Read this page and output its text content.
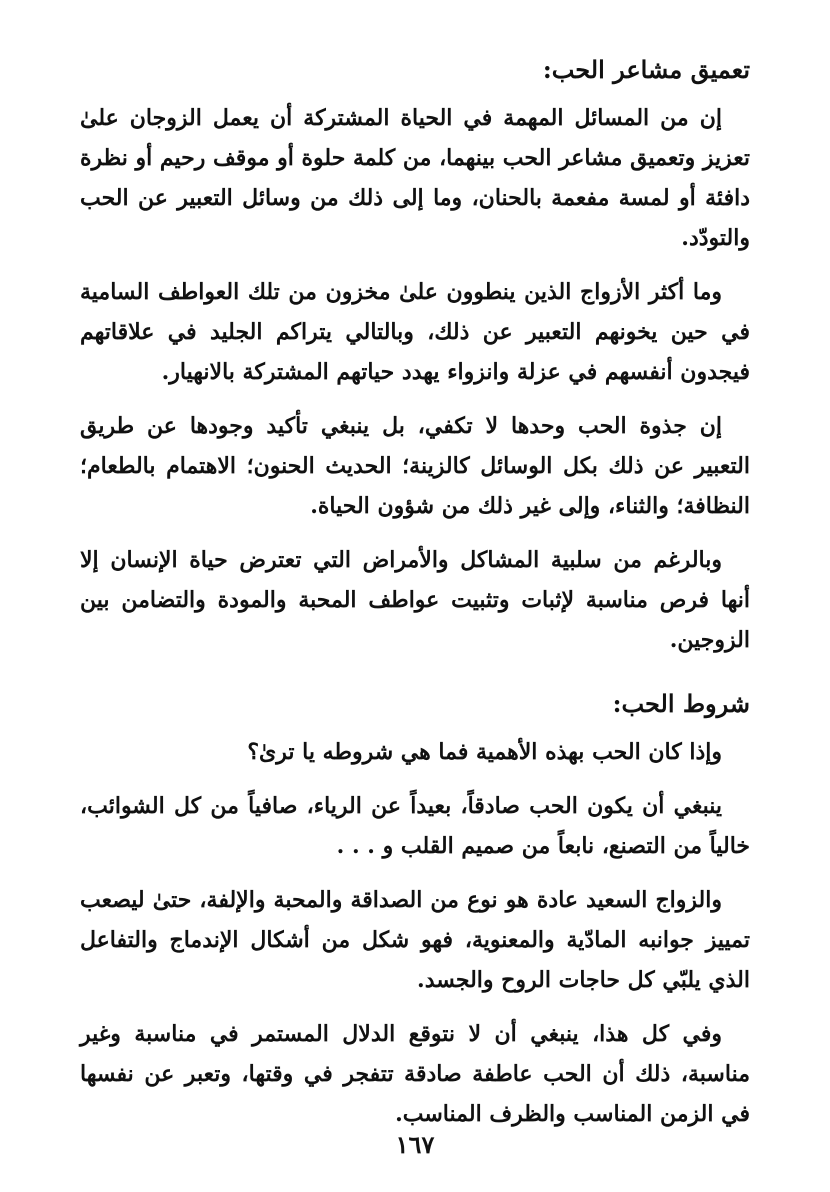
تعميق مشاعر الحب:

إن من المسائل المهمة في الحياة المشتركة أن يعمل الزوجان علىٰ تعزيز وتعميق مشاعر الحب بينهما، من كلمة حلوة أو موقف رحيم أو نظرة دافئة أو لمسة مفعمة بالحنان، وما إلى ذلك من وسائل التعبير عن الحب والتودّد.

وما أكثر الأزواج الذين ينطوون علىٰ مخزون من تلك العواطف السامية في حين يخونهم التعبير عن ذلك، وبالتالي يتراكم الجليد في علاقاتهم فيجدون أنفسهم في عزلة وانزواء يهدد حياتهم المشتركة بالانهيار.

إن جذوة الحب وحدها لا تكفي، بل ينبغي تأكيد وجودها عن طريق التعبير عن ذلك بكل الوسائل كالزينة؛ الحديث الحنون؛ الاهتمام بالطعام؛ النظافة؛ والثناء، وإلى غير ذلك من شؤون الحياة.

وبالرغم من سلبية المشاكل والأمراض التي تعترض حياة الإنسان إلا أنها فرص مناسبة لإثبات وتثبيت عواطف المحبة والمودة والتضامن بين الزوجين.

شروط الحب:

وإذا كان الحب بهذه الأهمية فما هي شروطه يا ترىٰ؟

ينبغي أن يكون الحب صادقاً، بعيداً عن الرياء، صافياً من كل الشوائب، خالياً من التصنع، نابعاً من صميم القلب و . . .

والزواج السعيد عادة هو نوع من الصداقة والمحبة والإلفة، حتىٰ ليصعب تمييز جوانبه المادّية والمعنوية، فهو شكل من أشكال الإندماج والتفاعل الذي يلبّي كل حاجات الروح والجسد.

وفي كل هذا، ينبغي أن لا نتوقع الدلال المستمر في مناسبة وغير مناسبة، ذلك أن الحب عاطفة صادقة تتفجر في وقتها، وتعبر عن نفسها في الزمن المناسب والظرف المناسب.

١٦٧
